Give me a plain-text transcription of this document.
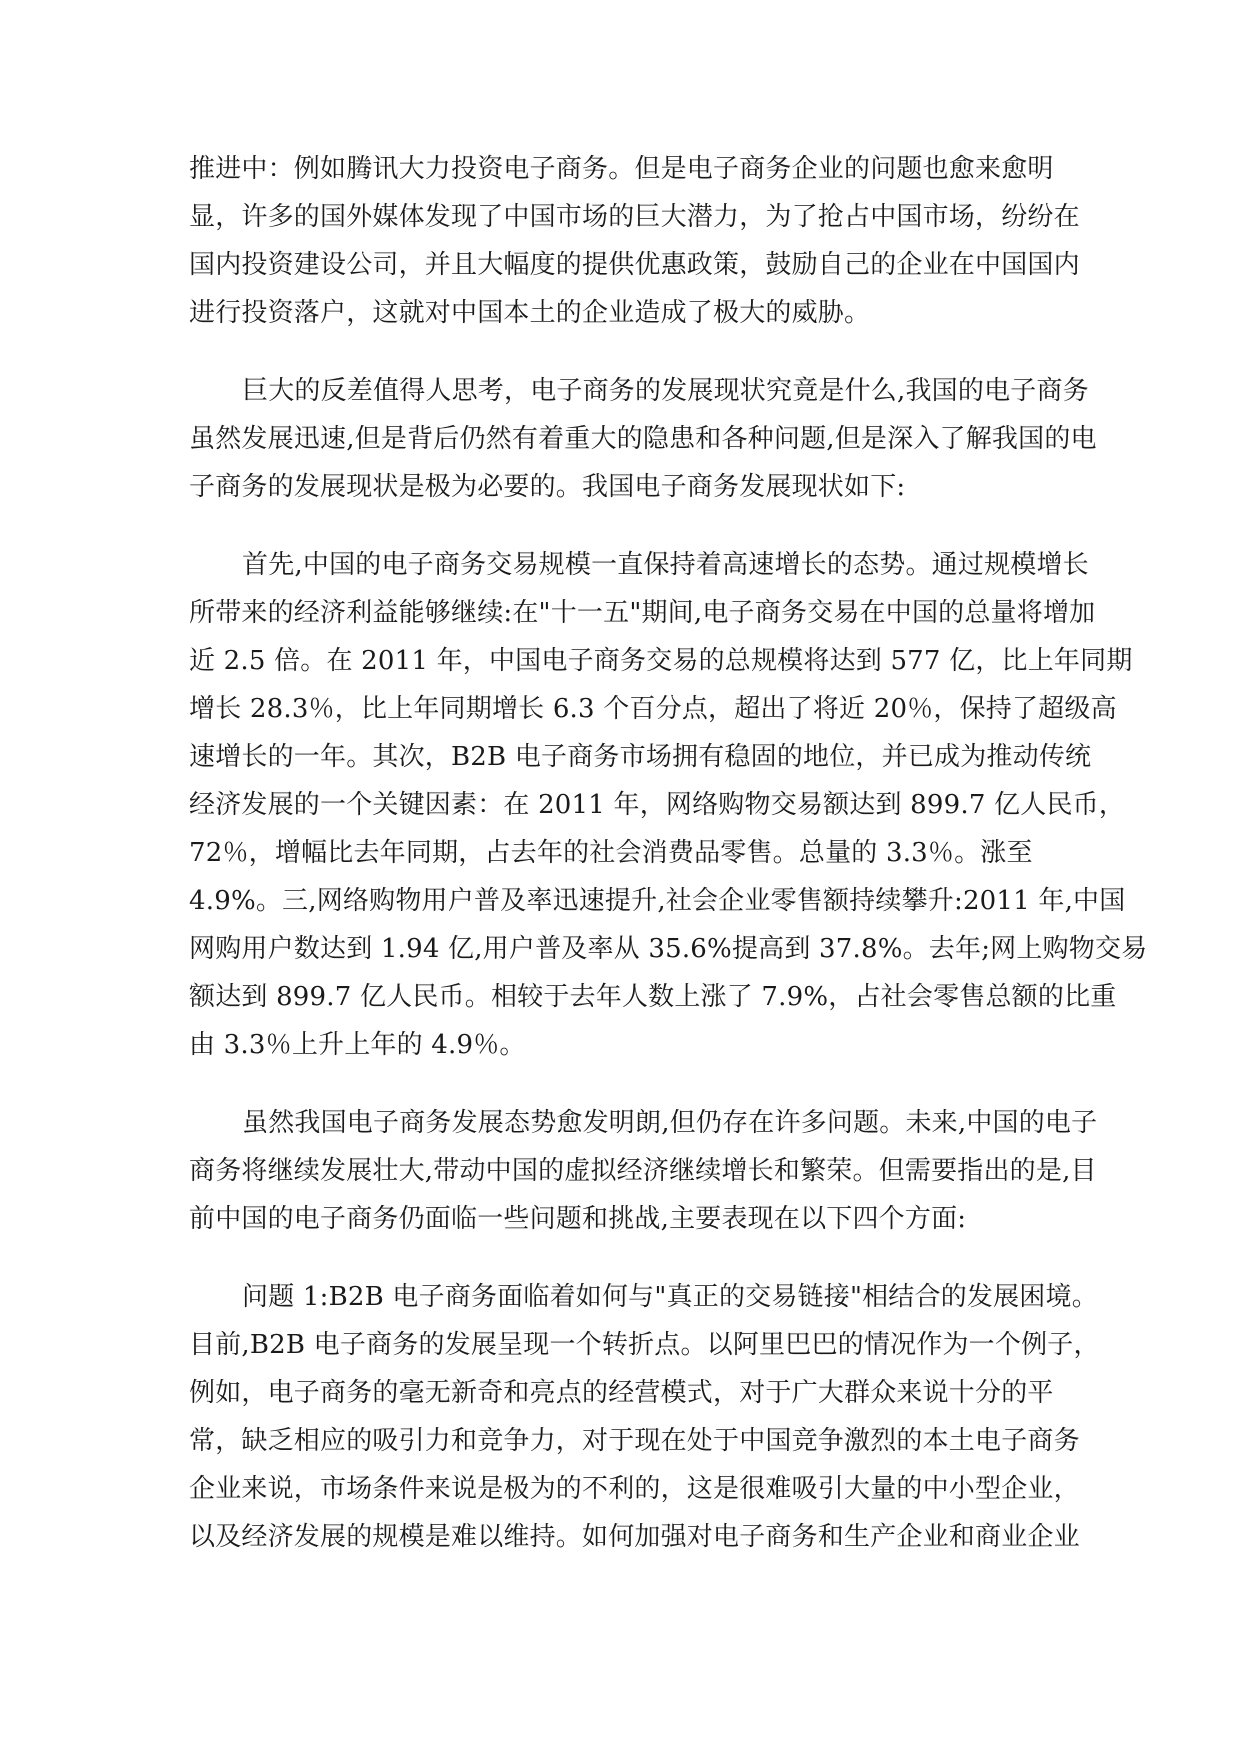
推进中：例如腾讯大力投资电子商务。但是电子商务企业的问题也愈来愈明
显，许多的国外媒体发现了中国市场的巨大潜力，为了抢占中国市场，纷纷在
国内投资建设公司，并且大幅度的提供优惠政策，鼓励自己的企业在中国国内
进行投资落户，这就对中国本土的企业造成了极大的威胁。
巨大的反差值得人思考，电子商务的发展现状究竟是什么,我国的电子商务
虽然发展迅速,但是背后仍然有着重大的隐患和各种问题,但是深入了解我国的电
子商务的发展现状是极为必要的。我国电子商务发展现状如下:
首先,中国的电子商务交易规模一直保持着高速增长的态势。通过规模增长
所带来的经济利益能够继续:在"十一五"期间,电子商务交易在中国的总量将增加
近 2.5 倍。在 2011 年，中国电子商务交易的总规模将达到 577 亿，比上年同期
增长 28.3％，比上年同期增长 6.3 个百分点，超出了将近 20％，保持了超级高
速增长的一年。其次，B2B 电子商务市场拥有稳固的地位，并已成为推动传统
经济发展的一个关键因素：在 2011 年，网络购物交易额达到 899.7 亿人民币，
72％，增幅比去年同期，占去年的社会消费品零售。总量的 3.3％。涨至
4.9%。三,网络购物用户普及率迅速提升,社会企业零售额持续攀升:2011 年,中国
网购用户数达到 1.94 亿,用户普及率从 35.6%提高到 37.8%。去年;网上购物交易
额达到 899.7 亿人民币。相较于去年人数上涨了 7.9%，占社会零售总额的比重
由 3.3％上升上年的 4.9％。
虽然我国电子商务发展态势愈发明朗,但仍存在许多问题。未来,中国的电子
商务将继续发展壮大,带动中国的虚拟经济继续增长和繁荣。但需要指出的是,目
前中国的电子商务仍面临一些问题和挑战,主要表现在以下四个方面:
问题 1:B2B 电子商务面临着如何与"真正的交易链接"相结合的发展困境。
目前,B2B 电子商务的发展呈现一个转折点。以阿里巴巴的情况作为一个例子，
例如，电子商务的毫无新奇和亮点的经营模式，对于广大群众来说十分的平
常，缺乏相应的吸引力和竞争力，对于现在处于中国竞争激烈的本土电子商务
企业来说，市场条件来说是极为的不利的，这是很难吸引大量的中小型企业，
以及经济发展的规模是难以维持。如何加强对电子商务和生产企业和商业企业
